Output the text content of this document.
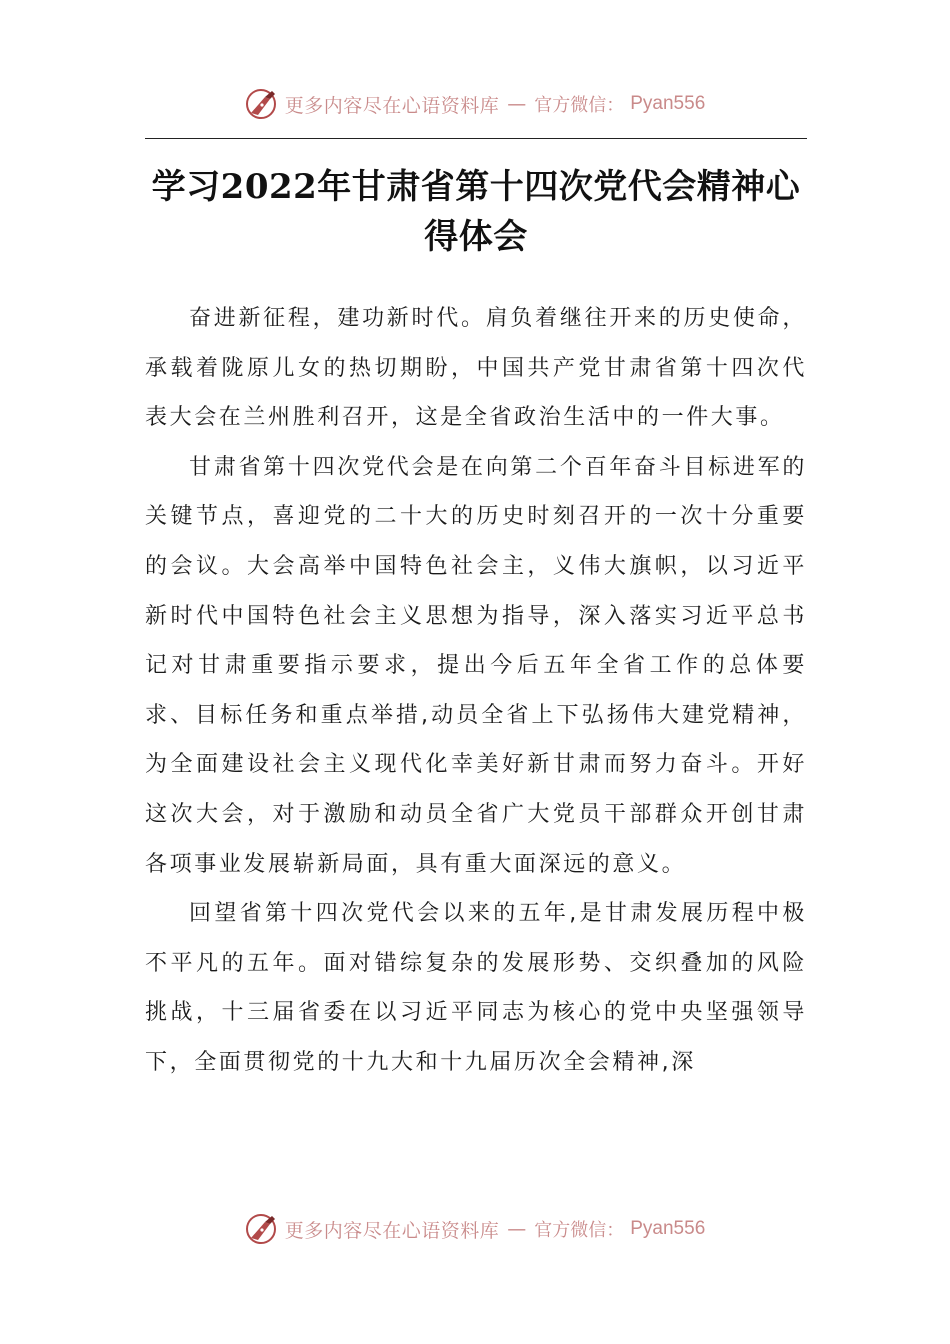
更多内容尽在心语资料库 — 官方微信： Pyan556
学习2022年甘肃省第十四次党代会精神心得体会

奋进新征程，建功新时代。肩负着继往开来的历史使命，承载着陇原儿女的热切期盼，中国共产党甘肃省第十四次代表大会在兰州胜利召开，这是全省政治生活中的一件大事。

甘肃省第十四次党代会是在向第二个百年奋斗目标进军的关键节点，喜迎党的二十大的历史时刻召开的一次十分重要的会议。大会高举中国特色社会主，义伟大旗帜，以习近平新时代中国特色社会主义思想为指导，深入落实习近平总书记对甘肃重要指示要求，提出今后五年全省工作的总体要求、目标任务和重点举措,动员全省上下弘扬伟大建党精神，为全面建设社会主义现代化幸美好新甘肃而努力奋斗。开好这次大会，对于激励和动员全省广大党员干部群众开创甘肃各项事业发展崭新局面，具有重大面深远的意义。

回望省第十四次党代会以来的五年,是甘肃发展历程中极不平凡的五年。面对错综复杂的发展形势、交织叠加的风险挑战，十三届省委在以习近平同志为核心的党中央坚强领导下，全面贯彻党的十九大和十九届历次全会精神,深

更多内容尽在心语资料库 — 官方微信： Pyan556
